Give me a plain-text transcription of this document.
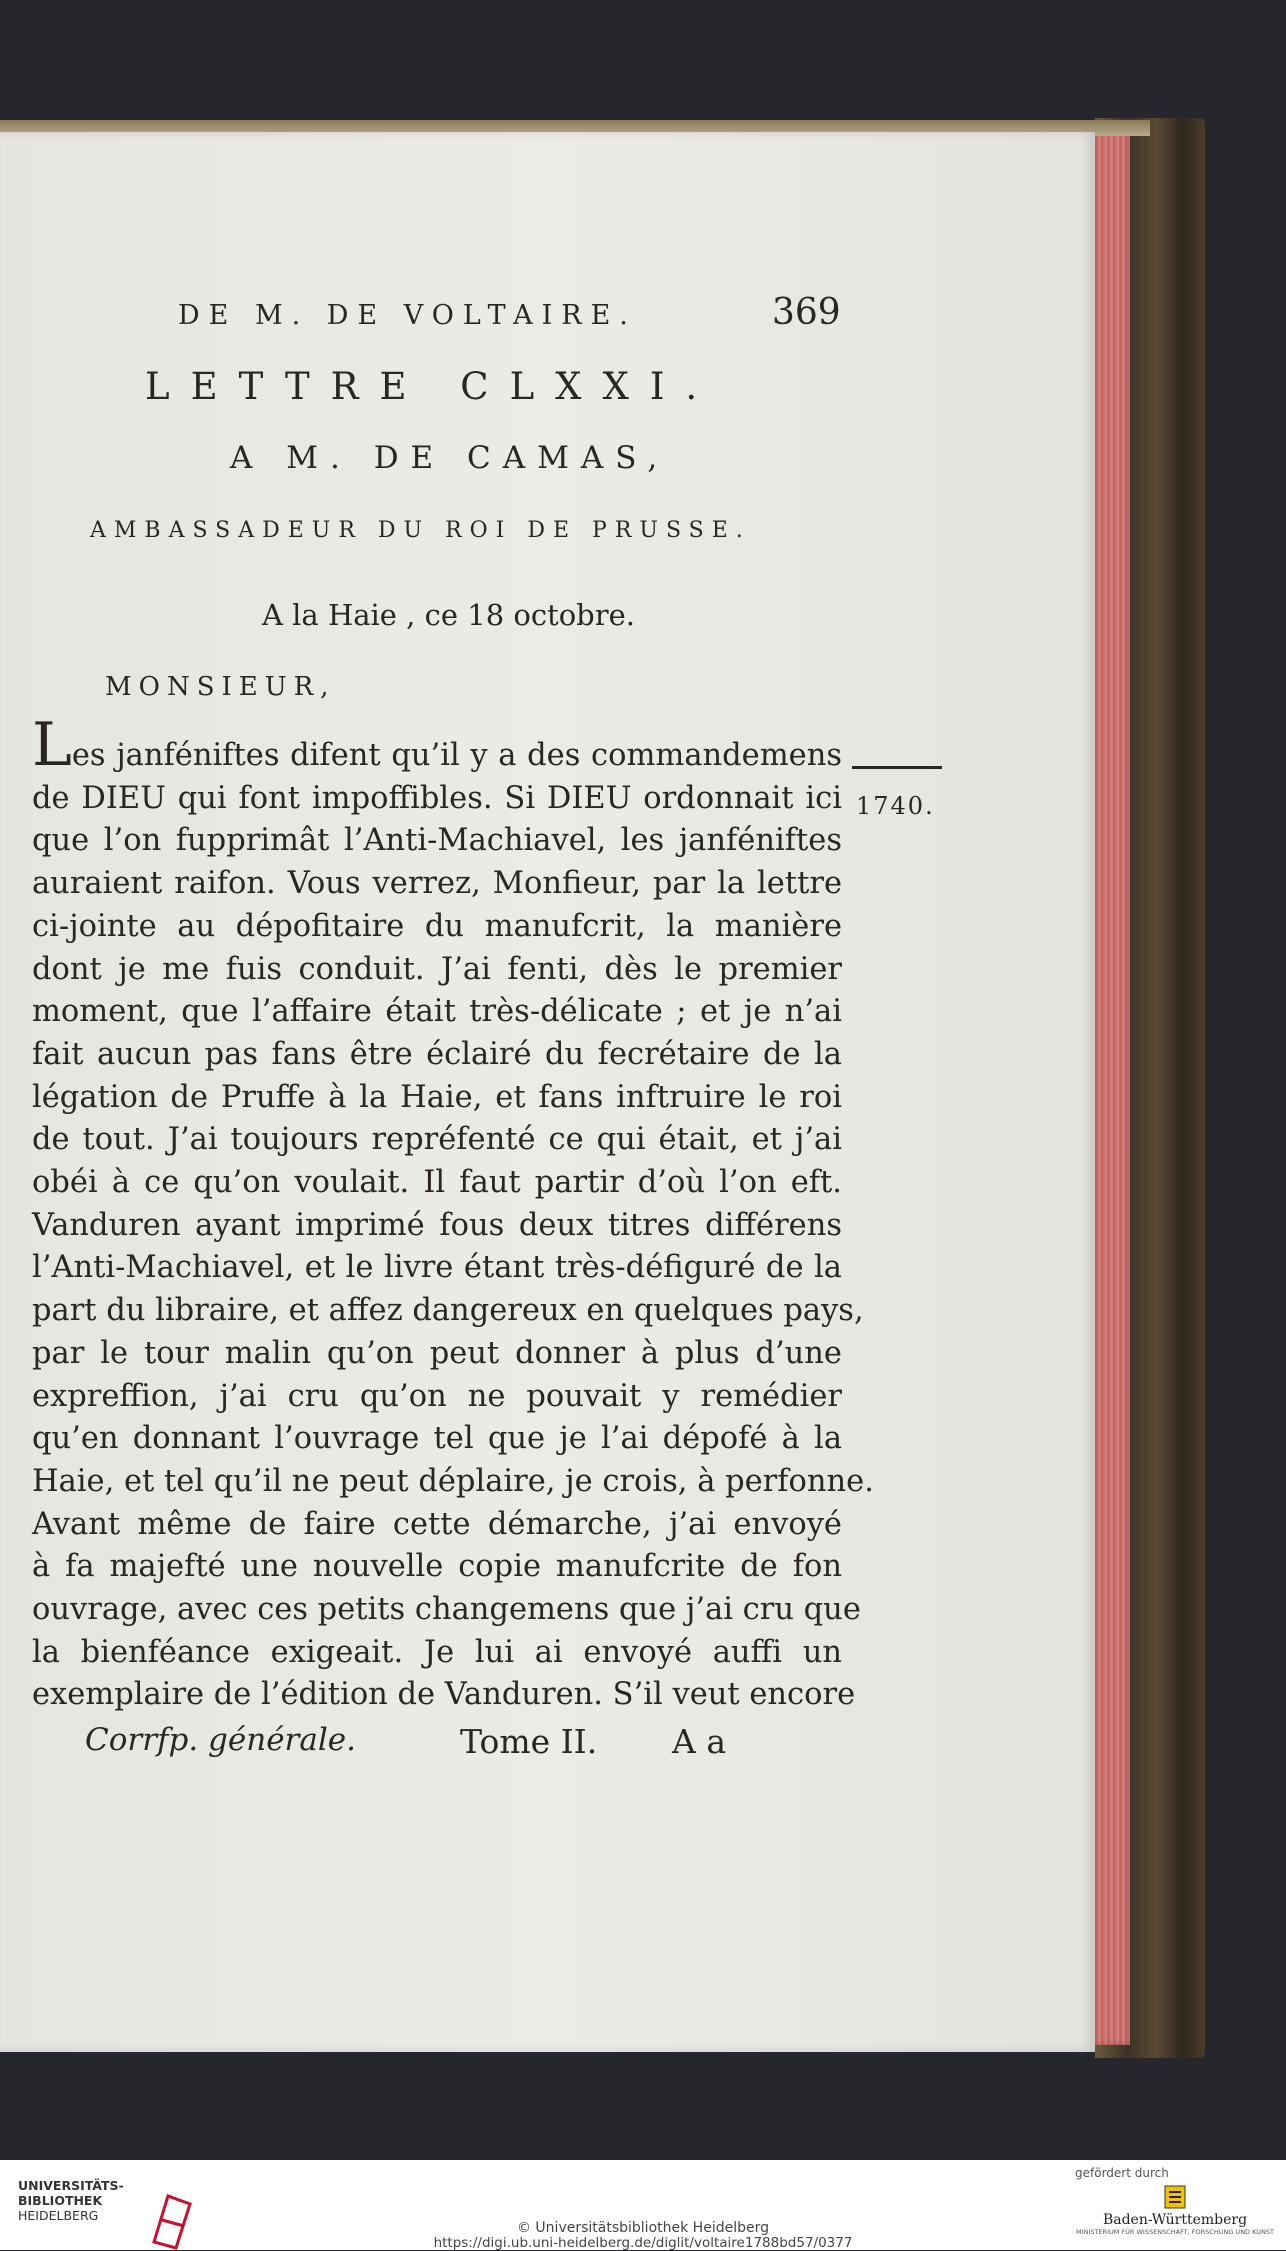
DE M. DE VOLTAIRE.	369
LETTRE CLXXI.
A M. DE CAMAS,
AMBASSADEUR DU ROI DE PRUSSE.
A la Haie , ce 18 octobre.
MONSIEUR,
1740.
Les janféniftes difent qu’il y a des commandemens
de DIEU qui font impoffibles. Si DIEU ordonnait ici
que l’on fupprimât l’Anti-Machiavel, les janféniftes
auraient raifon. Vous verrez, Monfieur, par la lettre
ci-jointe au dépofitaire du manufcrit, la manière
dont je me fuis conduit. J’ai fenti, dès le premier
moment, que l’affaire était très-délicate ; et je n’ai
fait aucun pas fans être éclairé du fecrétaire de la
légation de Pruffe à la Haie, et fans inftruire le roi
de tout. J’ai toujours repréfenté ce qui était, et j’ai
obéi à ce qu’on voulait. Il faut partir d’où l’on eft.
Vanduren ayant imprimé fous deux titres différens
l’Anti-Machiavel, et le livre étant très-défiguré de la
part du libraire, et affez dangereux en quelques pays,
par le tour malin qu’on peut donner à plus d’une
expreffion, j’ai cru qu’on ne pouvait y remédier
qu’en donnant l’ouvrage tel que je l’ai dépofé à la
Haie, et tel qu’il ne peut déplaire, je crois, à perfonne.
Avant même de faire cette démarche, j’ai envoyé
à fa majefté une nouvelle copie manufcrite de fon
ouvrage, avec ces petits changemens que j’ai cru que
la bienféance exigeait. Je lui ai envoyé auffi un
exemplaire de l’édition de Vanduren. S’il veut encore
Corrfp. générale.	Tome II. A a
UNIVERSITÄTS-
BIBLIOTHEK
HEIDELBERG
© Universitätsbibliothek Heidelberg
https://digi.ub.uni-heidelberg.de/diglit/voltaire1788bd57/0377
gefördert durch
Baden-Württemberg
MINISTERIUM FÜR WISSENSCHAFT, FORSCHUNG UND KUNST
